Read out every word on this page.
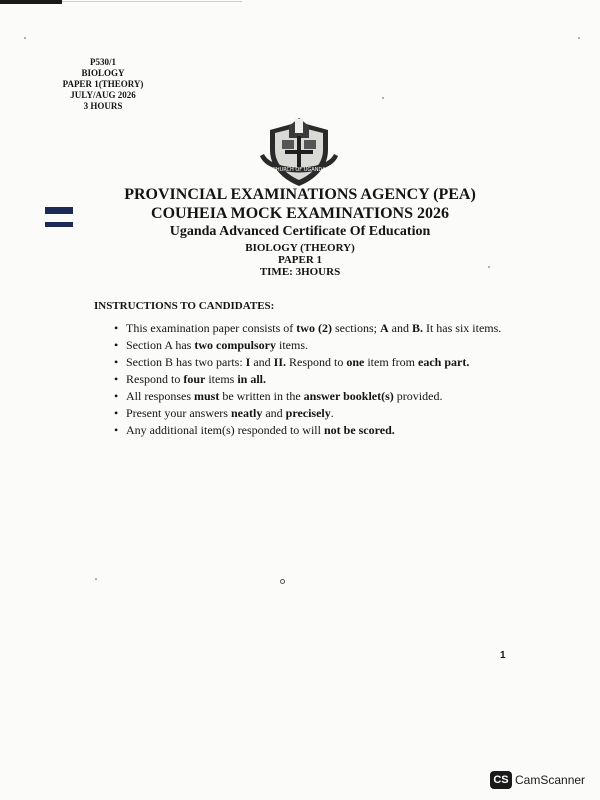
P530/1
BIOLOGY
PAPER 1(THEORY)
JULY/AUG 2026
3 HOURS
CHURCH OF UGANDA
PROVINCIAL EXAMINATIONS AGENCY (PEA)
COUHEIA MOCK EXAMINATIONS 2026
Uganda Advanced Certificate Of Education
BIOLOGY (THEORY)
PAPER 1
TIME: 3HOURS
INSTRUCTIONS TO CANDIDATES:
• This examination paper consists of two (2) sections; A and B. It has six items.
• Section A has two compulsory items.
• Section B has two parts: I and II. Respond to one item from each part.
• Respond to four items in all.
• All responses must be written in the answer booklet(s) provided.
• Present your answers neatly and precisely.
• Any additional item(s) responded to will not be scored.
1
CS CamScanner
